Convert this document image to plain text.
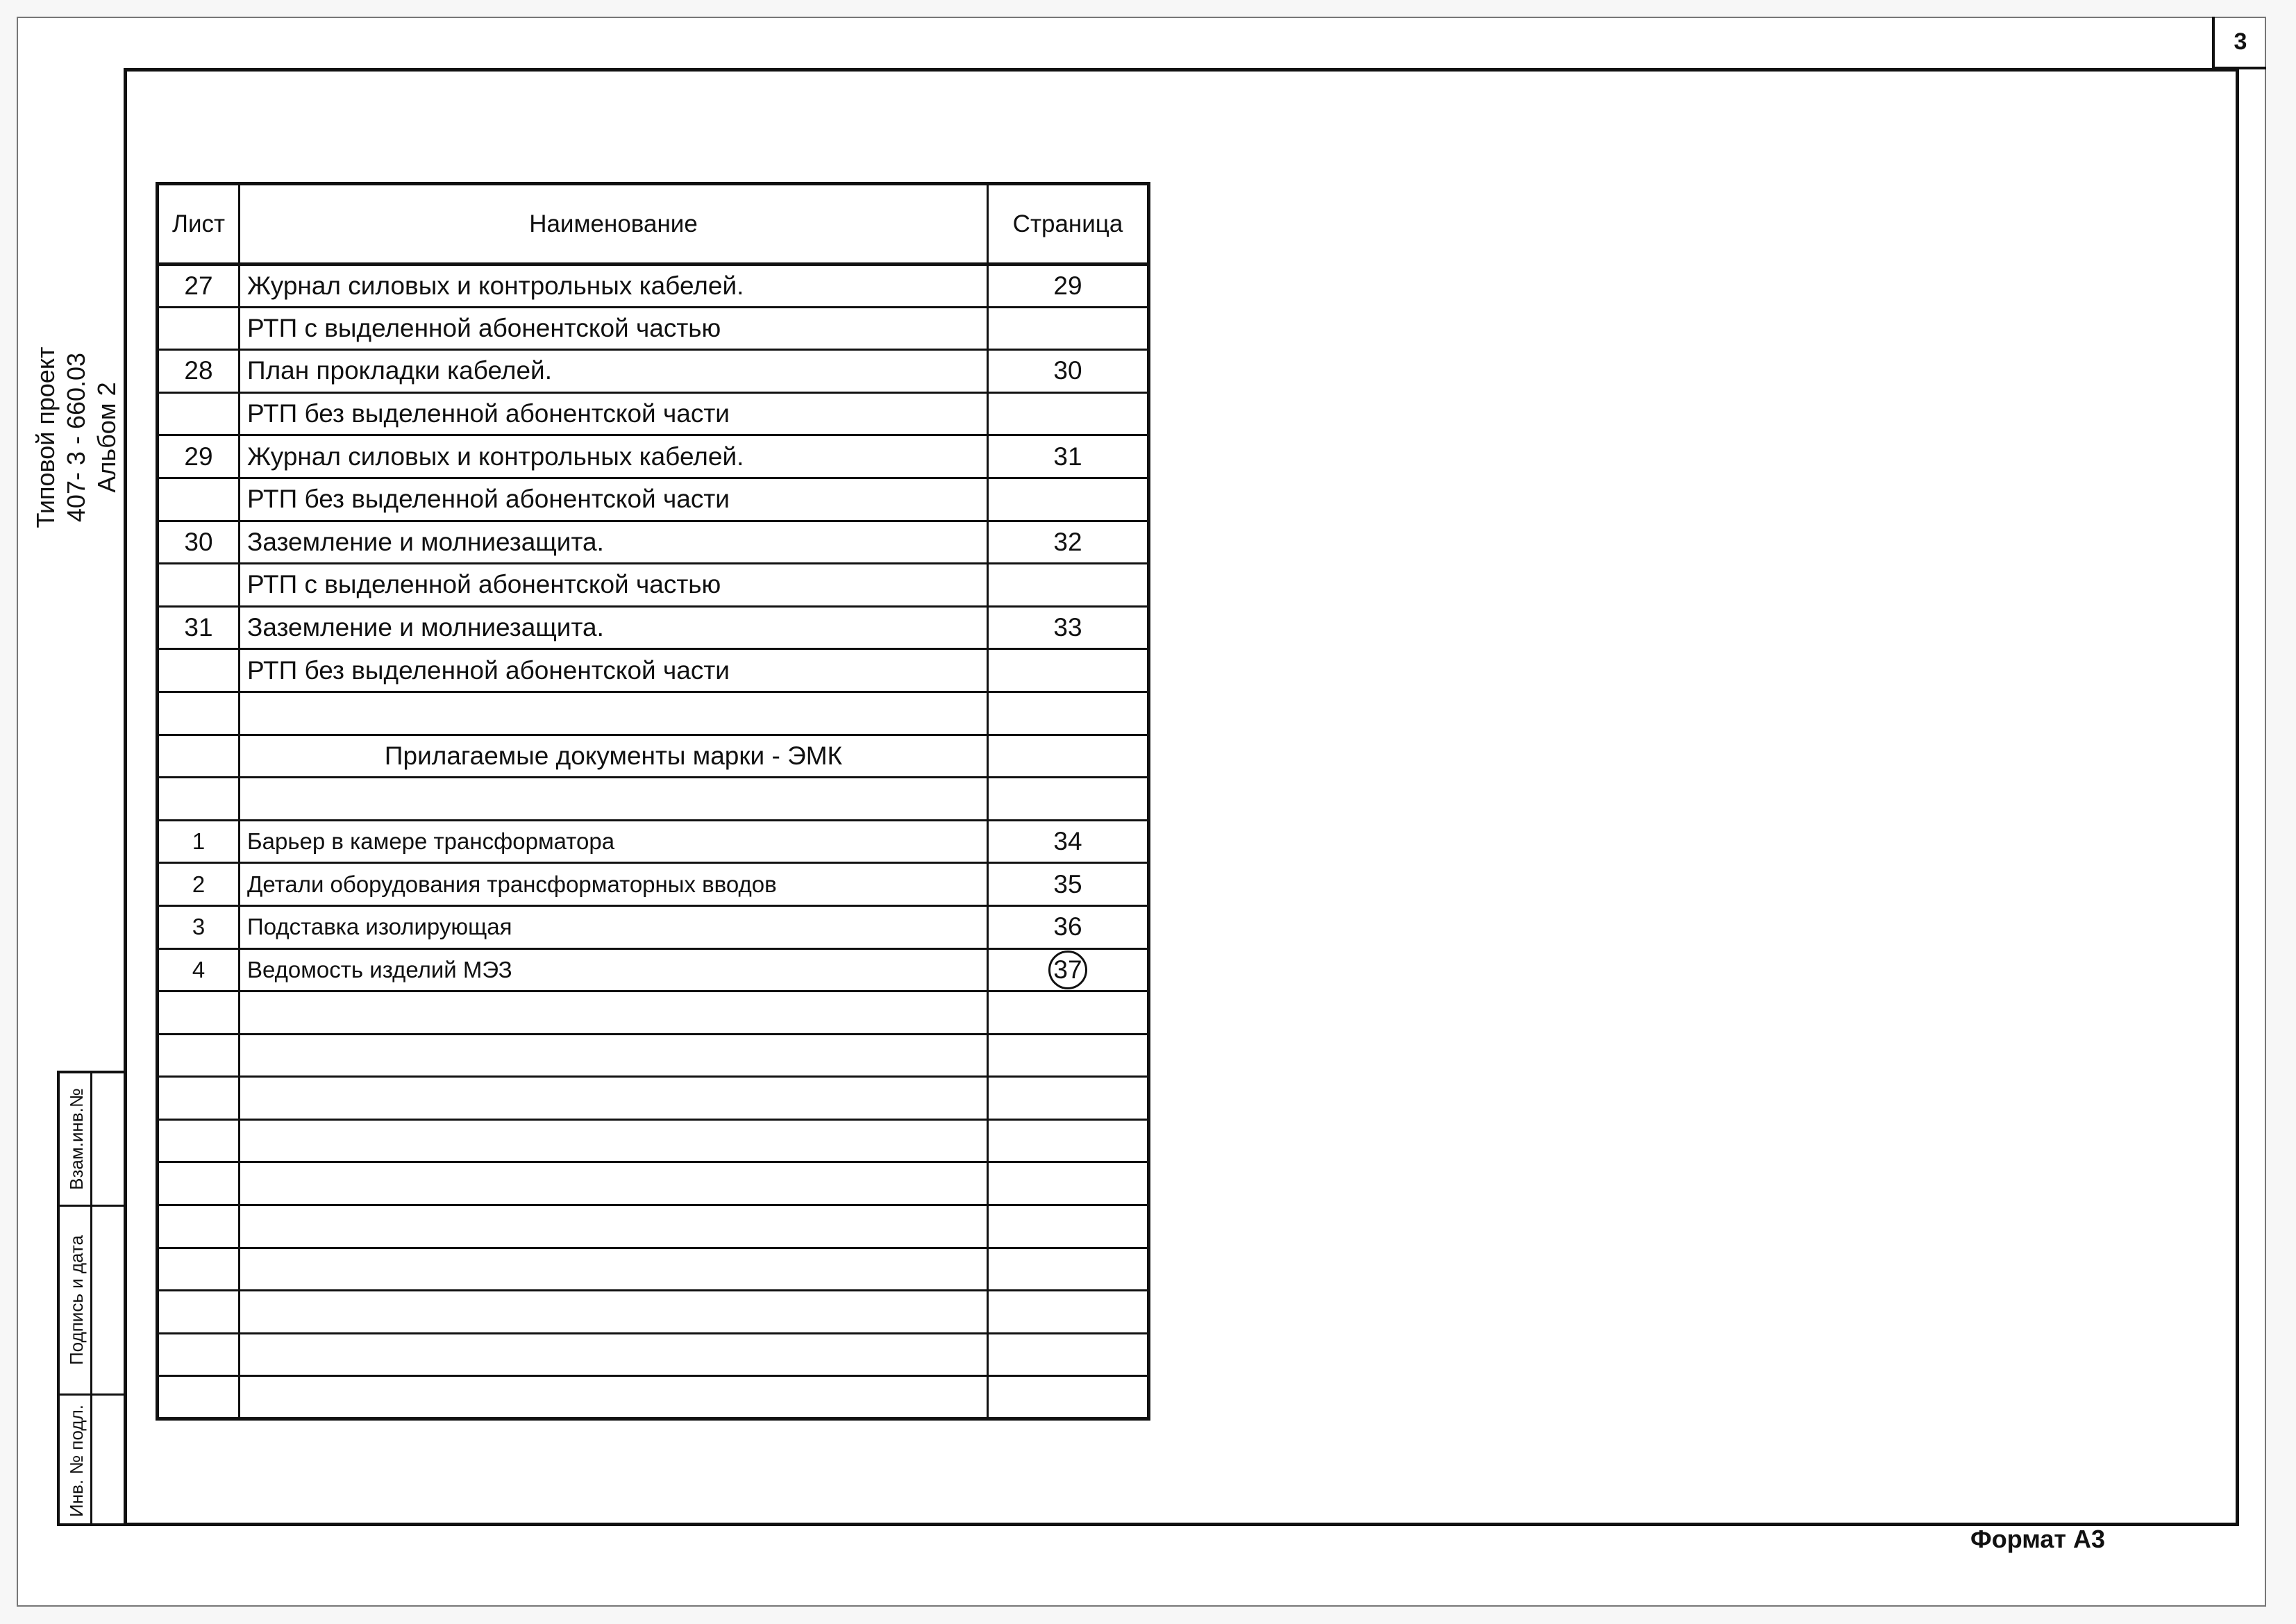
3
Типовой проект 407- 3 - 660.03 Альбом 2
Взам.инв.№
Подпись и дата
Инв. № подл.
Лист	Наименование	Страница
27	Журнал силовых и контрольных кабелей.	29
	РТП с выделенной абонентской частью	
28	План прокладки кабелей.	30
	РТП без выделенной абонентской части	
29	Журнал силовых и контрольных кабелей.	31
	РТП без выделенной абонентской части	
30	Заземление и молниезащита.	32
	РТП с выделенной абонентской частью	
31	Заземление и молниезащита.	33
	РТП без выделенной абонентской части	

	Прилагаемые документы марки - ЭМК	

1	Барьер в камере трансформатора	34
2	Детали оборудования трансформаторных вводов	35
3	Подставка изолирующая	36
4	Ведомость изделий МЭЗ	37

Формат А3
